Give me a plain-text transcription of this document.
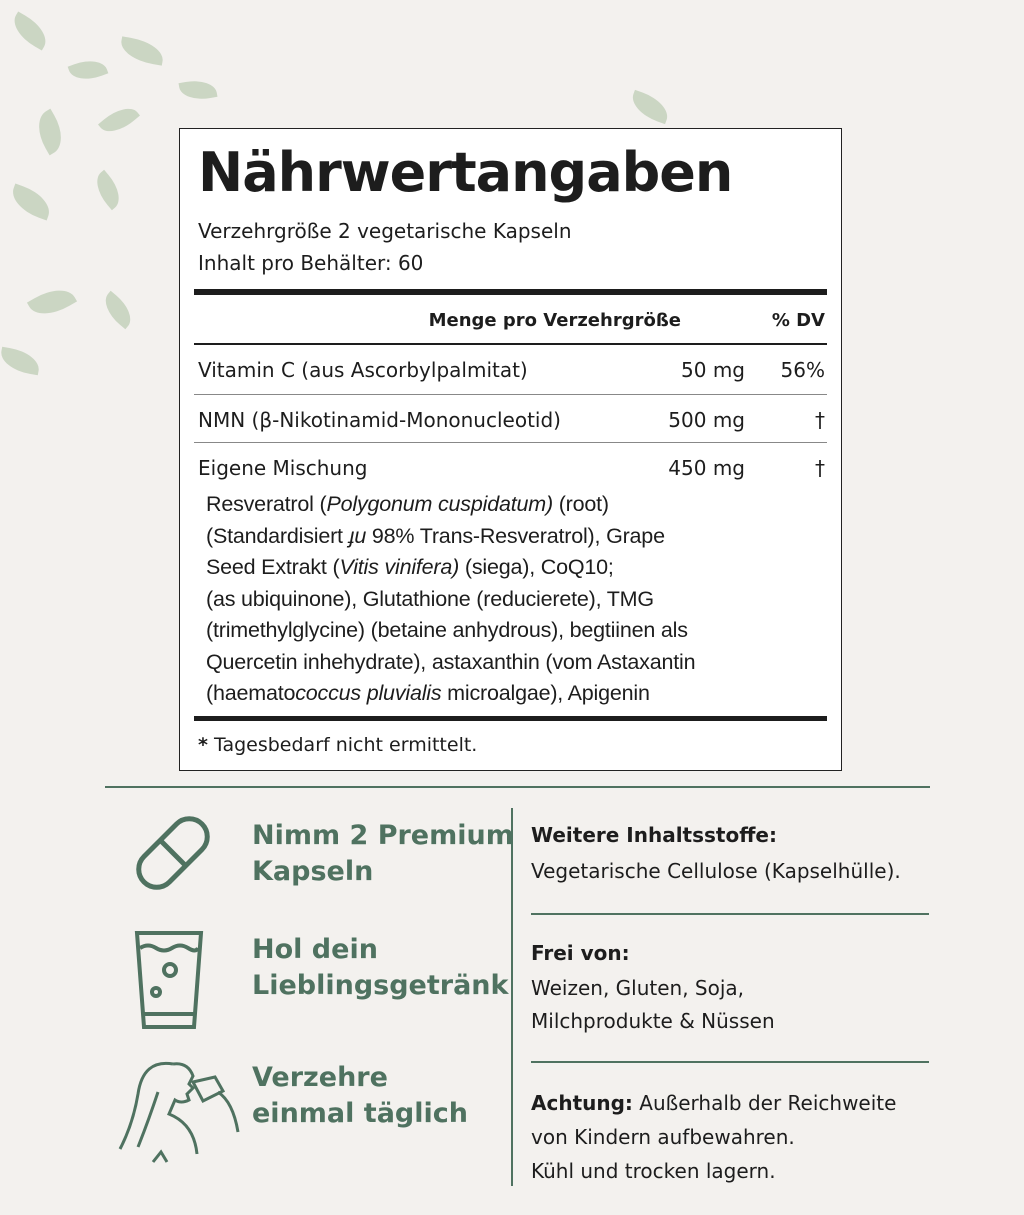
Nährwertangaben
Verzehrgröße 2 vegetarische Kapseln
Inhalt pro Behälter: 60
Menge pro Verzehrgröße	% DV
Vitamin C (aus Ascorbylpalmitat)	50 mg 56%
NMN (β-Nikotinamid-Mononucleotid)	500 mg	†
Eigene Mischung	450 mg	†
Resveratrol (Polygonum cuspidatum) (root)
(Standardisiert ɟu 98% Trans-Resveratrol), Grape
Seed Extrakt (Vitis vinifera) (siega), CoQ10;
(as ubiquinone), Glutathione (reducierete), TMG
(trimethylglycine) (betaine anhydrous), begtiinen als
Quercetin inhehydrate), astaxanthin (vom Astaxantin
(haematococcus pluvialis microalgae), Apigenin
* Tagesbedarf nicht ermittelt.
Nimm 2 Premium
Kapseln
Hol dein
Lieblingsgetränk
Verzehre
einmal täglich
Weitere Inhaltsstoffe:
Vegetarische Cellulose (Kapselhülle).
Frei von:
Weizen, Gluten, Soja,
Milchprodukte & Nüssen
Achtung: Außerhalb der Reichweite
von Kindern aufbewahren.
Kühl und trocken lagern.
